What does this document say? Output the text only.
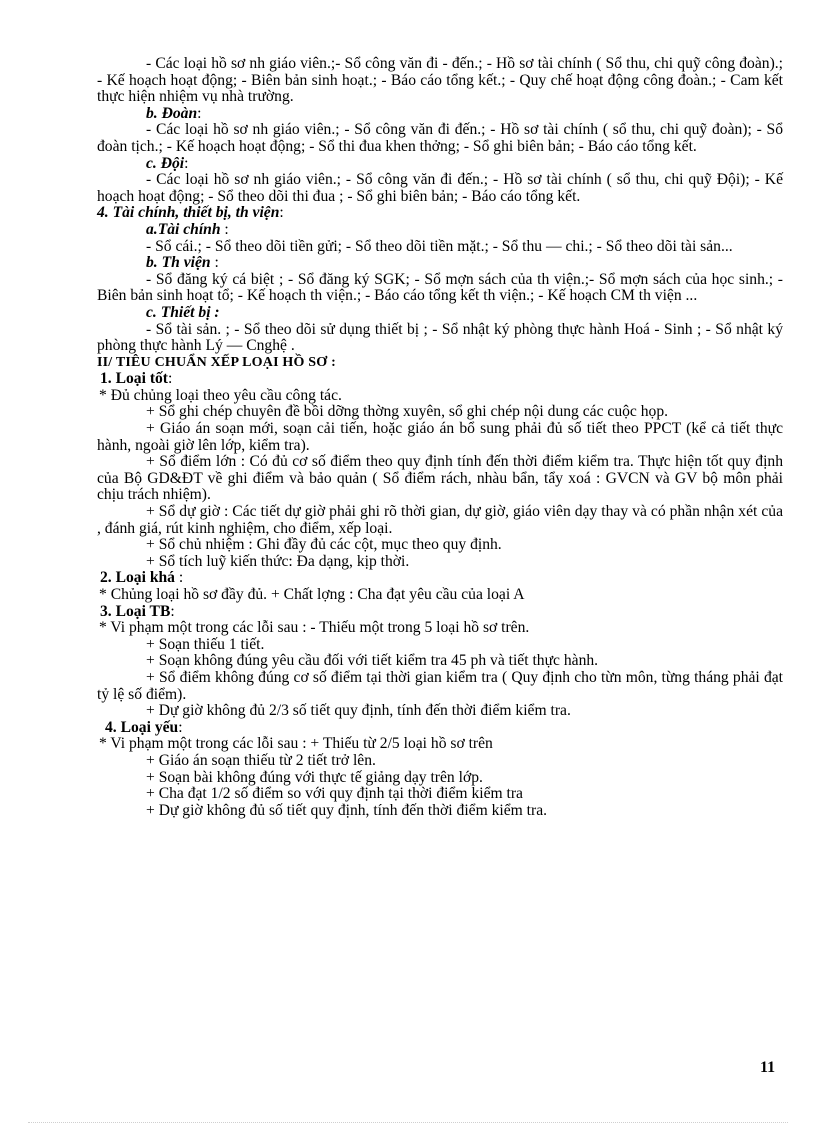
- Các loại hồ sơ nh giáo viên.;- Sổ công văn đi - đến.; - Hồ sơ tài chính ( Sổ thu, chi quỹ công đoàn).; - Kế hoạch hoạt động; - Biên bản sinh hoạt.; - Báo cáo tổng kết.; - Quy chế hoạt động công đoàn.; - Cam kết thực hiện nhiệm vụ nhà trường.

b. Đoàn:

- Các loại hồ sơ nh giáo viên.; - Sổ công văn đi đến.; - Hồ sơ tài chính ( sổ thu, chi quỹ đoàn); - Sổ đoàn tịch.; - Kế hoạch hoạt động; - Sổ thi đua khen thởng; - Sổ ghi biên bản; - Báo cáo tổng kết.

c. Đội:

- Các loại hồ sơ nh giáo viên.; - Sổ công văn đi đến.; - Hồ sơ tài chính ( sổ thu, chi quỹ Đội); - Kế hoạch hoạt động; - Sổ theo dõi thi đua ; - Sổ ghi biên bản; - Báo cáo tổng kết.

4. Tài chính, thiết bị, th viện:

a.Tài chính :

- Sổ cái.; - Sổ theo dõi tiền gửi; - Sổ theo dõi tiền mặt.; - Sổ thu — chi.; - Sổ theo dõi tài sản...

b. Th viện :

- Sổ đăng ký cá biệt ; - Sổ đăng ký SGK; - Sổ mợn sách của th viện.;- Sổ mợn sách của học sinh.; - Biên bản sinh hoạt tổ; - Kế hoạch th viện.; - Báo cáo tổng kết th viện.; - Kế hoạch CM th viện ...

c. Thiết bị :

- Sổ tài sản. ; - Sổ theo dõi sử dụng thiết bị ; - Sổ nhật ký phòng thực hành Hoá - Sinh ; - Sổ nhật ký phòng thực hành Lý — Cnghệ .

II/ TIÊU CHUẨN XẾP LOẠI HỒ SƠ :

1. Loại tốt:

* Đủ chủng loại theo yêu cầu công tác.

+ Sổ ghi chép chuyên đề bồi dỡng thờng xuyên, sổ ghi chép nội dung các cuộc họp.

+ Giáo án soạn mới, soạn cải tiến, hoặc giáo án bổ sung phải đủ số tiết theo PPCT (kể cả tiết thực hành, ngoài giờ lên lớp, kiểm tra).

+ Sổ điểm lớn : Có đủ cơ số điểm theo quy định tính đến thời điểm kiểm tra. Thực hiện tốt quy định của Bộ GD&ĐT về ghi điểm và bảo quản ( Sổ điểm rách, nhàu bẩn, tẩy xoá : GVCN và GV bộ môn phải chịu trách nhiệm).

+ Sổ dự giờ : Các tiết dự giờ phải ghi rõ thời gian, dự giờ, giáo viên dạy thay và có phần nhận xét của , đánh giá, rút kinh nghiệm, cho điểm, xếp loại.

+ Sổ chủ nhiệm : Ghi đầy đủ các cột, mục theo quy định.

+ Sổ tích luỹ kiến thức: Đa dạng, kịp thời.

2. Loại khá :

* Chủng loại hồ sơ đầy đủ. + Chất lợng : Cha đạt yêu cầu của loại A

3. Loại TB:

* Vi phạm một trong các lỗi sau : - Thiếu một trong 5 loại hồ sơ trên.

+ Soạn thiếu 1 tiết.

+ Soạn không đúng yêu cầu đối với tiết kiểm tra 45 ph và tiết thực hành.

+ Sổ điểm không đúng cơ số điểm tại thời gian kiểm tra ( Quy định cho từn môn, từng tháng phải đạt tỷ lệ số điểm).

+ Dự giờ không đủ 2/3 số tiết quy định, tính đến thời điểm kiểm tra.

4. Loại yếu:

* Vi phạm một trong các lỗi sau : + Thiếu từ 2/5 loại hồ sơ trên

+ Giáo án soạn thiếu từ 2 tiết trở lên.

+ Soạn bài không đúng với thực tế giảng dạy trên lớp.

+ Cha đạt 1/2 số điểm so với quy định tại thời điểm kiểm tra

+ Dự giờ không đủ số tiết quy định, tính đến thời điểm kiểm tra.

11
